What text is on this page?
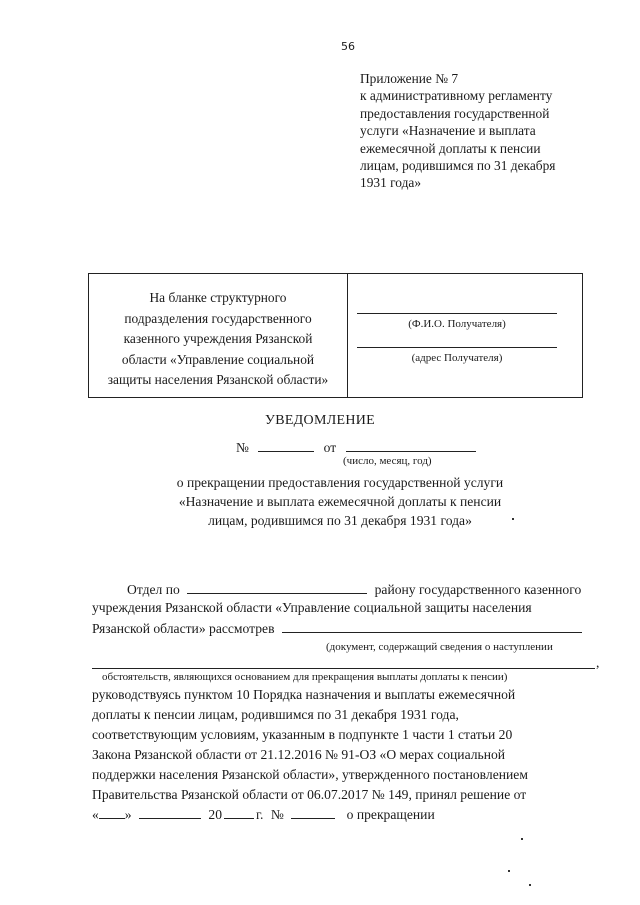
56
Приложение № 7
к административному регламенту
предоставления государственной
услуги «Назначение и выплата
ежемесячной доплаты к пенсии
лицам, родившимся по 31 декабря
1931 года»
На бланке структурного
подразделения государственного
казенного учреждения Рязанской
области «Управление социальной
защиты населения Рязанской области»
(Ф.И.О. Получателя)
(адрес Получателя)
УВЕДОМЛЕНИЕ
№	от
(число, месяц, год)
о прекращении предоставления государственной услуги
«Назначение и выплата ежемесячной доплаты к пенсии
лицам, родившимся по 31 декабря 1931 года»
Отдел по	району государственного казенного
учреждения Рязанской области «Управление социальной защиты населения
Рязанской области» рассмотрев
(документ, содержащий сведения о наступлении
,
обстоятельств, являющихся основанием для прекращения выплаты доплаты к пенсии)
руководствуясь пунктом 10 Порядка назначения и выплаты ежемесячной
доплаты к пенсии лицам, родившимся по 31 декабря 1931 года,
соответствующим условиям, указанным в подпункте 1 части 1 статьи 20
Закона Рязанской области от 21.12.2016 № 91-ОЗ «О мерах социальной
поддержки населения Рязанской области», утвержденного постановлением
Правительства Рязанской области от 06.07.2017 № 149, принял решение от
« »	20	г. №	о прекращении
